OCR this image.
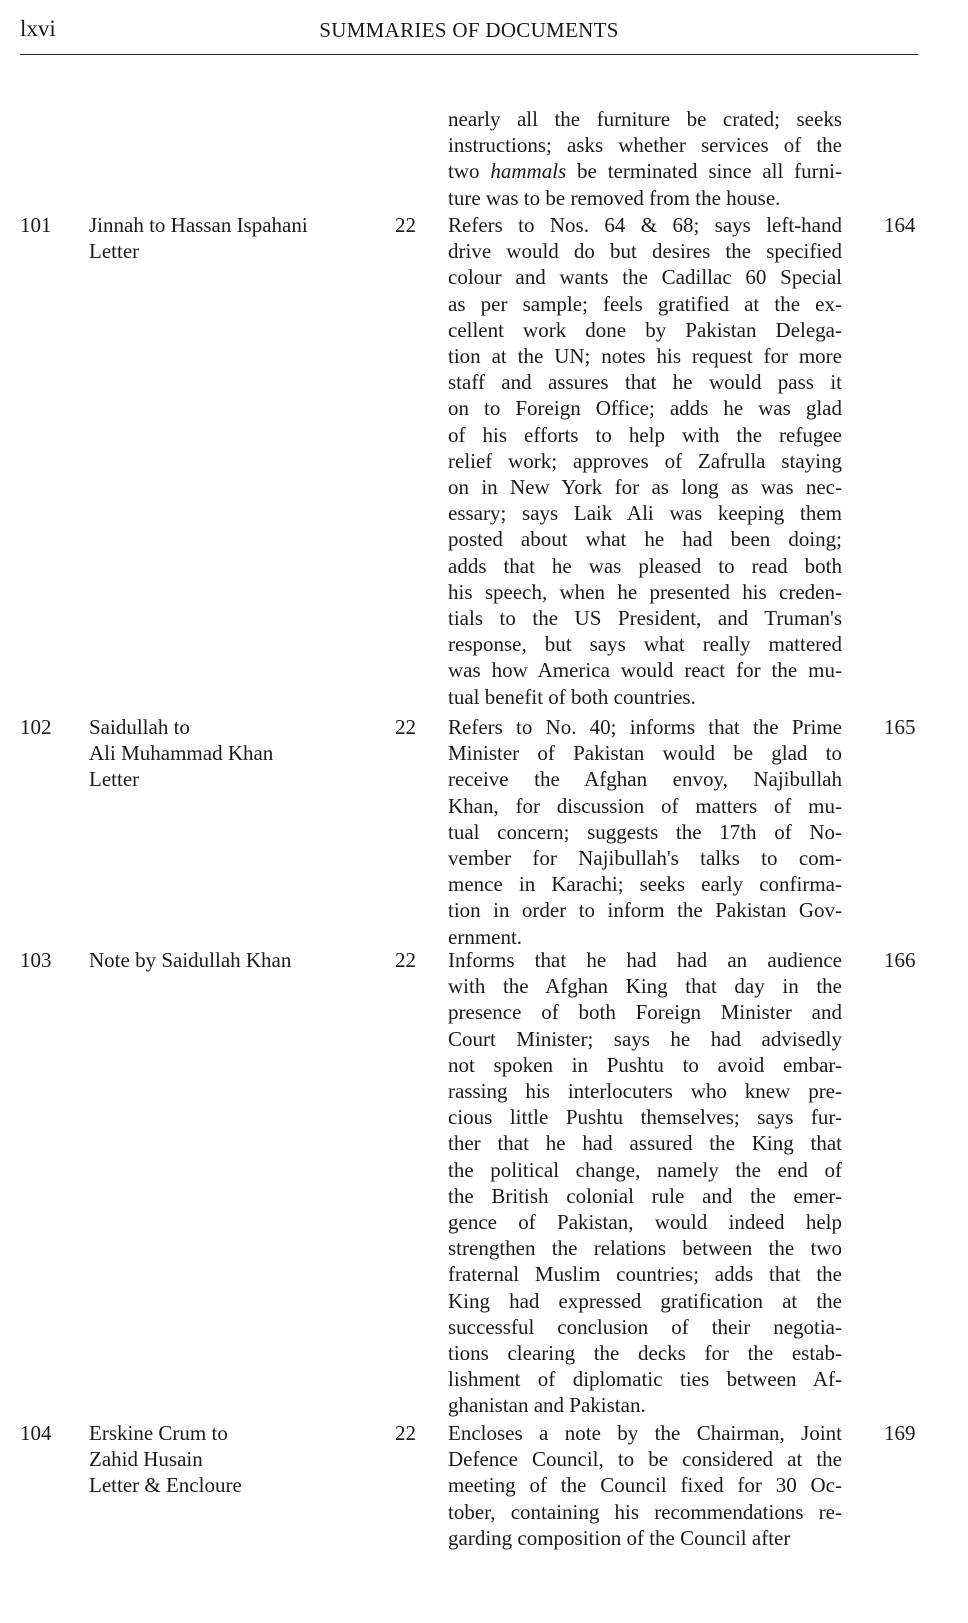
lxvi	SUMMARIES OF DOCUMENTS
nearly all the furniture be crated; seeks
instructions; asks whether services of the
two hammals be terminated since all furni-
ture was to be removed from the house.
101 Jinnah to Hassan Ispahani
Letter
22 Refers to Nos. 64 & 68; says left-hand
drive would do but desires the specified
colour and wants the Cadillac 60 Special
as per sample; feels gratified at the ex-
cellent work done by Pakistan Delega-
tion at the UN; notes his request for more
staff and assures that he would pass it
on to Foreign Office; adds he was glad
of his efforts to help with the refugee
relief work; approves of Zafrulla staying
on in New York for as long as was nec-
essary; says Laik Ali was keeping them
posted about what he had been doing;
adds that he was pleased to read both
his speech, when he presented his creden-
tials to the US President, and Truman's
response, but says what really mattered
was how America would react for the mu-
tual benefit of both countries.
164
102 Saidullah to
Ali Muhammad Khan
Letter
22 Refers to No. 40; informs that the Prime
Minister of Pakistan would be glad to
receive the Afghan envoy, Najibullah
Khan, for discussion of matters of mu-
tual concern; suggests the 17th of No-
vember for Najibullah's talks to com-
mence in Karachi; seeks early confirma-
tion in order to inform the Pakistan Gov-
ernment.
165
103 Note by Saidullah Khan	22 Informs that he had had an audience
with the Afghan King that day in the
presence of both Foreign Minister and
Court Minister; says he had advisedly
not spoken in Pushtu to avoid embar-
rassing his interlocuters who knew pre-
cious little Pushtu themselves; says fur-
ther that he had assured the King that
the political change, namely the end of
the British colonial rule and the emer-
gence of Pakistan, would indeed help
strengthen the relations between the two
fraternal Muslim countries; adds that the
King had expressed gratification at the
successful conclusion of their negotia-
tions clearing the decks for the estab-
lishment of diplomatic ties between Af-
ghanistan and Pakistan.
166
104 Erskine Crum to
Zahid Husain
Letter & Encloure
22 Encloses a note by the Chairman, Joint
Defence Council, to be considered at the
meeting of the Council fixed for 30 Oc-
tober, containing his recommendations re-
garding composition of the Council after
169
